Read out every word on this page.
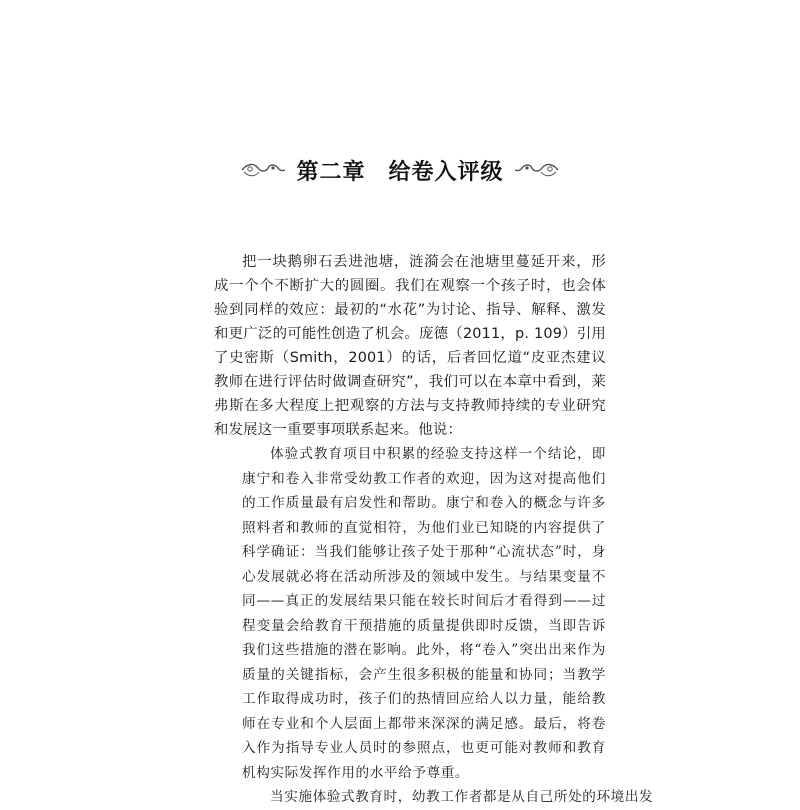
第二章　给卷入评级

把一块鹅卵石丢进池塘，涟漪会在池塘里蔓延开来，形成一个个不断扩大的圆圈。我们在观察一个孩子时，也会体验到同样的效应：最初的“水花”为讨论、指导、解释、激发和更广泛的可能性创造了机会。庞德（2011，p. 109）引用了史密斯（Smith，2001）的话，后者回忆道“皮亚杰建议教师在进行评估时做调查研究”，我们可以在本章中看到，莱弗斯在多大程度上把观察的方法与支持教师持续的专业研究和发展这一重要事项联系起来。他说：

体验式教育项目中积累的经验支持这样一个结论，即康宁和卷入非常受幼教工作者的欢迎，因为这对提高他们的工作质量最有启发性和帮助。康宁和卷入的概念与许多照料者和教师的直觉相符，为他们业已知晓的内容提供了科学确证：当我们能够让孩子处于那种“心流状态”时，身心发展就必将在活动所涉及的领域中发生。与结果变量不同——真正的发展结果只能在较长时间后才看得到——过程变量会给教育干预措施的质量提供即时反馈，当即告诉我们这些措施的潜在影响。此外，将“卷入”突出出来作为质量的关键指标，会产生很多积极的能量和协同；当教学工作取得成功时，孩子们的热情回应给人以力量，能给教师在专业和个人层面上都带来深深的满足感。最后，将卷入作为指导专业人员时的参照点，也更可能对教师和教育机构实际发挥作用的水平给予尊重。

当实施体验式教育时，幼教工作者都是从自己所处的环境出发
